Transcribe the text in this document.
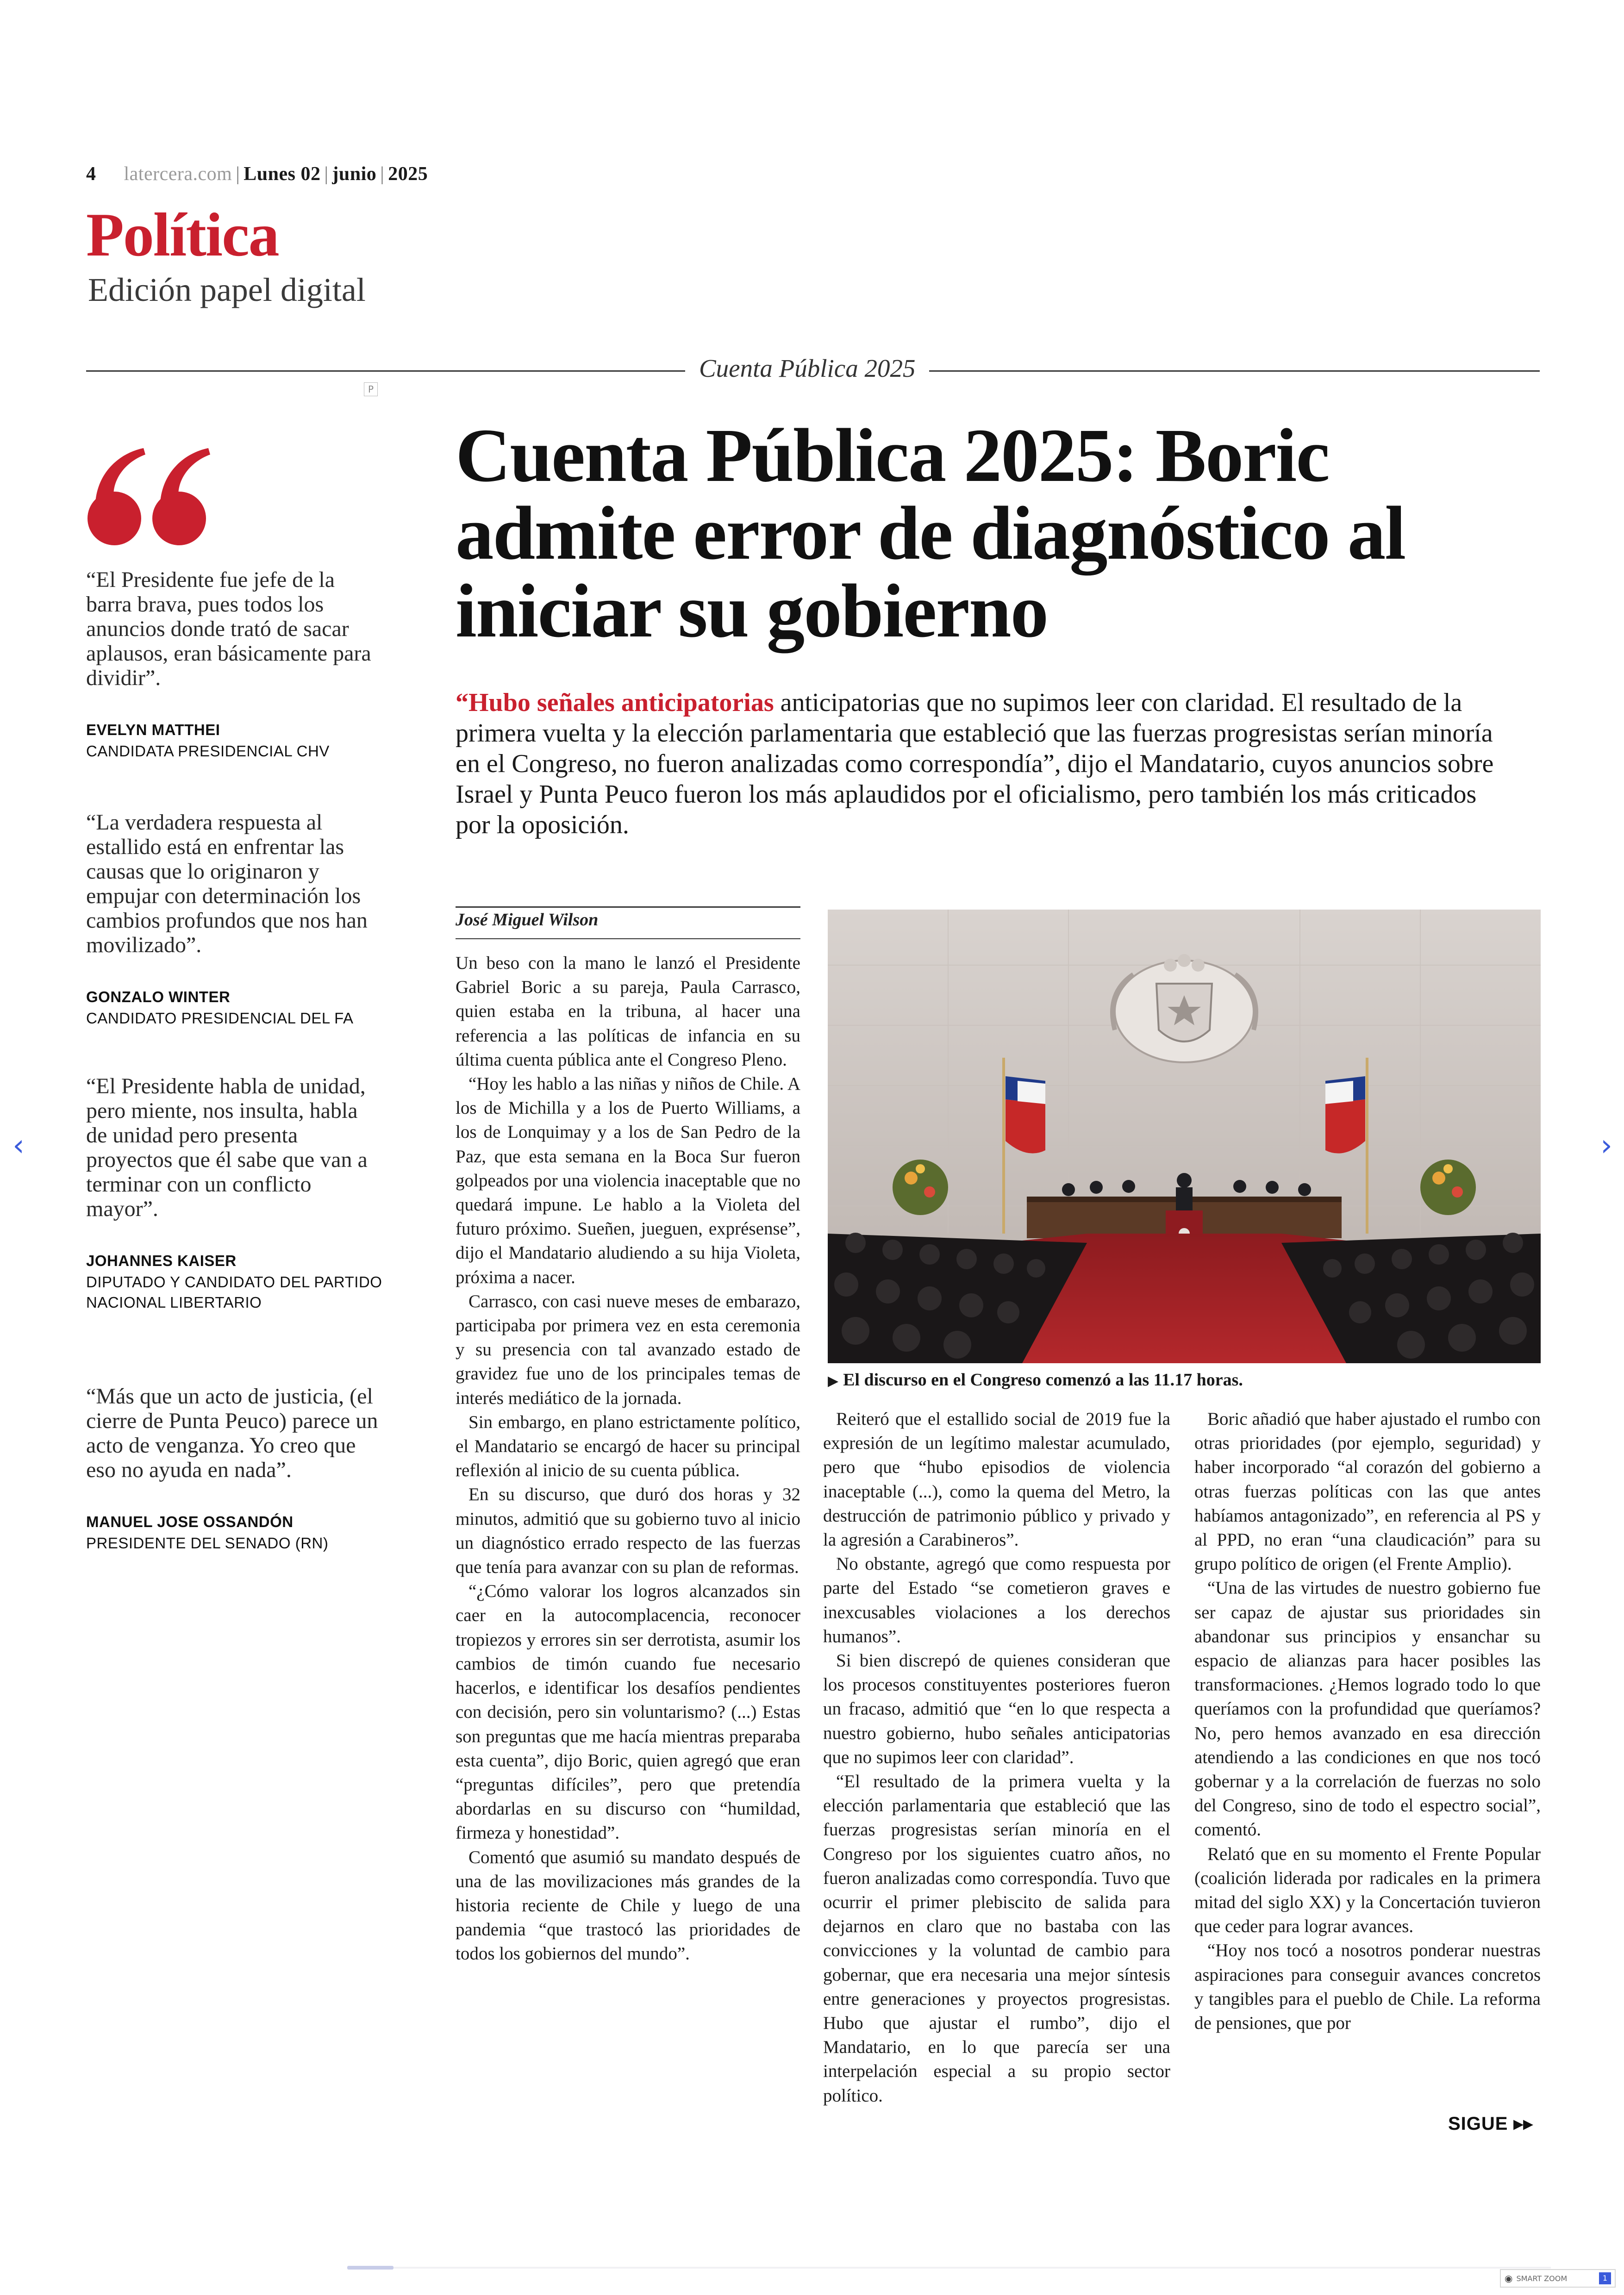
4 latercera.com | Lunes 02 | junio | 2025
Política
Edición papel digital
Cuenta Pública 2025
P

“El Presidente fue jefe de la barra brava, pues todos los anuncios donde trató de sacar aplausos, eran básicamente para dividir”.

EVELYN MATTHEI

CANDIDATA PRESIDENCIAL CHV

“La verdadera respuesta al estallido está en enfrentar las causas que lo originaron y empujar con determinación los cambios profundos que nos han movilizado”.

GONZALO WINTER

CANDIDATO PRESIDENCIAL DEL FA

“El Presidente habla de unidad, pero miente, nos insulta, habla de unidad pero presenta proyectos que él sabe que van a terminar con un conflicto mayor”.

JOHANNES KAISER

DIPUTADO Y CANDIDATO DEL PARTIDO NACIONAL LIBERTARIO

“Más que un acto de justicia, (el cierre de Punta Peuco) parece un acto de venganza. Yo creo que eso no ayuda en nada”.

MANUEL JOSE OSSANDÓN

PRESIDENTE DEL SENADO (RN)

Cuenta Pública 2025: Boric admite error de diagnóstico al iniciar su gobierno

“Hubo señales anticipatorias anticipatorias que no supimos leer con claridad. El resultado de la primera vuelta y la elección parlamentaria que estableció que las fuerzas progresistas serían minoría en el Congreso, no fueron analizadas como correspondía”, dijo el Mandatario, cuyos anuncios sobre Israel y Punta Peuco fueron los más aplaudidos por el oficialismo, pero también los más criticados por la oposición.

José Miguel Wilson

Un beso con la mano le lanzó el Presidente Gabriel Boric a su pareja, Paula Carrasco, quien estaba en la tribuna, al hacer una referencia a las políticas de infancia en su última cuenta pública ante el Congreso Pleno.

“Hoy les hablo a las niñas y niños de Chile. A los de Michilla y a los de Puerto Williams, a los de Lonquimay y a los de San Pedro de la Paz, que esta semana en la Boca Sur fueron golpeados por una violencia inaceptable que no quedará impune. Le hablo a la Violeta del futuro próximo. Sueñen, jueguen, exprésense”, dijo el Mandatario aludiendo a su hija Violeta, próxima a nacer.

Carrasco, con casi nueve meses de embarazo, participaba por primera vez en esta ceremonia y su presencia con tal avanzado estado de gravidez fue uno de los principales temas de interés mediático de la jornada.

Sin embargo, en plano estrictamente político, el Mandatario se encargó de hacer su principal reflexión al inicio de su cuenta pública.

En su discurso, que duró dos horas y 32 minutos, admitió que su gobierno tuvo al inicio un diagnóstico errado respecto de las fuerzas que tenía para avanzar con su plan de reformas.

“¿Cómo valorar los logros alcanzados sin caer en la autocomplacencia, reconocer tropiezos y errores sin ser derrotista, asumir los cambios de timón cuando fue necesario hacerlos, e identificar los desafíos pendientes con decisión, pero sin voluntarismo? (...) Estas son preguntas que me hacía mientras preparaba esta cuenta”, dijo Boric, quien agregó que eran “preguntas difíciles”, pero que pretendía abordarlas en su discurso con “humildad, firmeza y honestidad”.

Comentó que asumió su mandato después de una de las movilizaciones más grandes de la historia reciente de Chile y luego de una pandemia “que trastocó las prioridades de todos los gobiernos del mundo”.

▶ El discurso en el Congreso comenzó a las 11.17 horas.

Reiteró que el estallido social de 2019 fue la expresión de un legítimo malestar acumulado, pero que “hubo episodios de violencia inaceptable (...), como la quema del Metro, la destrucción de patrimonio público y privado y la agresión a Carabineros”.

No obstante, agregó que como respuesta por parte del Estado “se cometieron graves e inexcusables violaciones a los derechos humanos”.

Si bien discrepó de quienes consideran que los procesos constituyentes posteriores fueron un fracaso, admitió que “en lo que respecta a nuestro gobierno, hubo señales anticipatorias que no supimos leer con claridad”.

“El resultado de la primera vuelta y la elección parlamentaria que estableció que las fuerzas progresistas serían minoría en el Congreso por los siguientes cuatro años, no fueron analizadas como correspondía. Tuvo que ocurrir el primer plebiscito de salida para dejarnos en claro que no bastaba con las convicciones y la voluntad de cambio para gobernar, que era necesaria una mejor síntesis entre generaciones y proyectos progresistas. Hubo que ajustar el rumbo”, dijo el Mandatario, en lo que parecía ser una interpelación especial a su propio sector político.

Boric añadió que haber ajustado el rumbo con otras prioridades (por ejemplo, seguridad) y haber incorporado “al corazón del gobierno a otras fuerzas políticas con las que antes habíamos antagonizado”, en referencia al PS y al PPD, no eran “una claudicación” para su grupo político de origen (el Frente Amplio).

“Una de las virtudes de nuestro gobierno fue ser capaz de ajustar sus prioridades sin abandonar sus principios y ensanchar su espacio de alianzas para hacer posibles las transformaciones. ¿Hemos logrado todo lo que queríamos con la profundidad que queríamos? No, pero hemos avanzado en esa dirección atendiendo a las condiciones en que nos tocó gobernar y a la correlación de fuerzas no solo del Congreso, sino de todo el espectro social”, comentó.

Relató que en su momento el Frente Popular (coalición liderada por radicales en la primera mitad del siglo XX) y la Concertación tuvieron que ceder para lograr avances.

“Hoy nos tocó a nosotros ponderar nuestras aspiraciones para conseguir avances concretos y tangibles para el pueblo de Chile. La reforma de pensiones, que por

SIGUE ▸▸
‹	›
◉ SMART ZOOM	1
